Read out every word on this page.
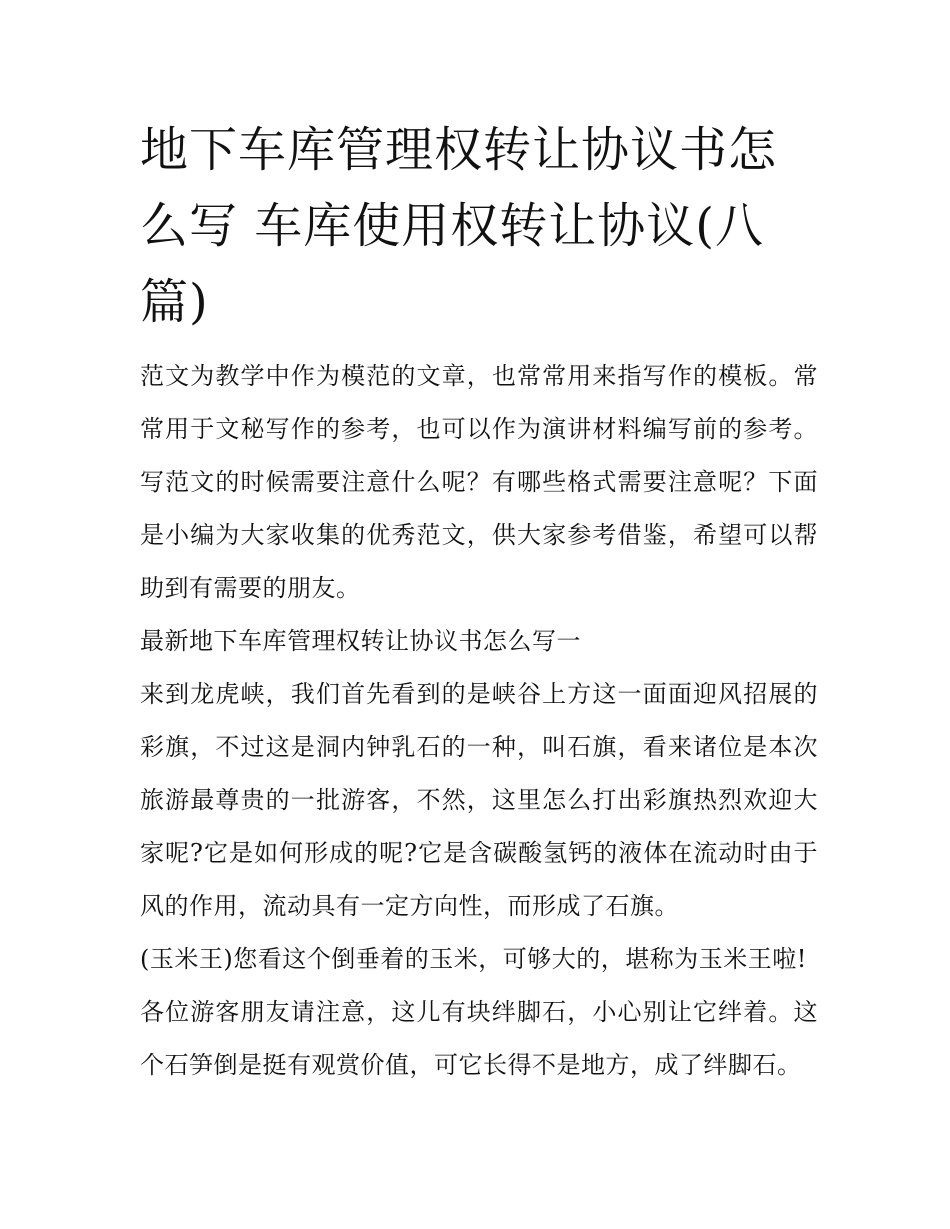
地下车库管理权转让协议书怎么写 车库使用权转让协议(八篇)

范文为教学中作为模范的文章，也常常用来指写作的模板。常常用于文秘写作的参考，也可以作为演讲材料编写前的参考。写范文的时候需要注意什么呢？有哪些格式需要注意呢？下面是小编为大家收集的优秀范文，供大家参考借鉴，希望可以帮助到有需要的朋友。

最新地下车库管理权转让协议书怎么写一

来到龙虎峡，我们首先看到的是峡谷上方这一面面迎风招展的彩旗，不过这是洞内钟乳石的一种，叫石旗，看来诸位是本次旅游最尊贵的一批游客，不然，这里怎么打出彩旗热烈欢迎大家呢?它是如何形成的呢?它是含碳酸氢钙的液体在流动时由于风的作用，流动具有一定方向性，而形成了石旗。

(玉米王)您看这个倒垂着的玉米，可够大的，堪称为玉米王啦!

各位游客朋友请注意，这儿有块绊脚石，小心别让它绊着。这个石笋倒是挺有观赏价值，可它长得不是地方，成了绊脚石。
